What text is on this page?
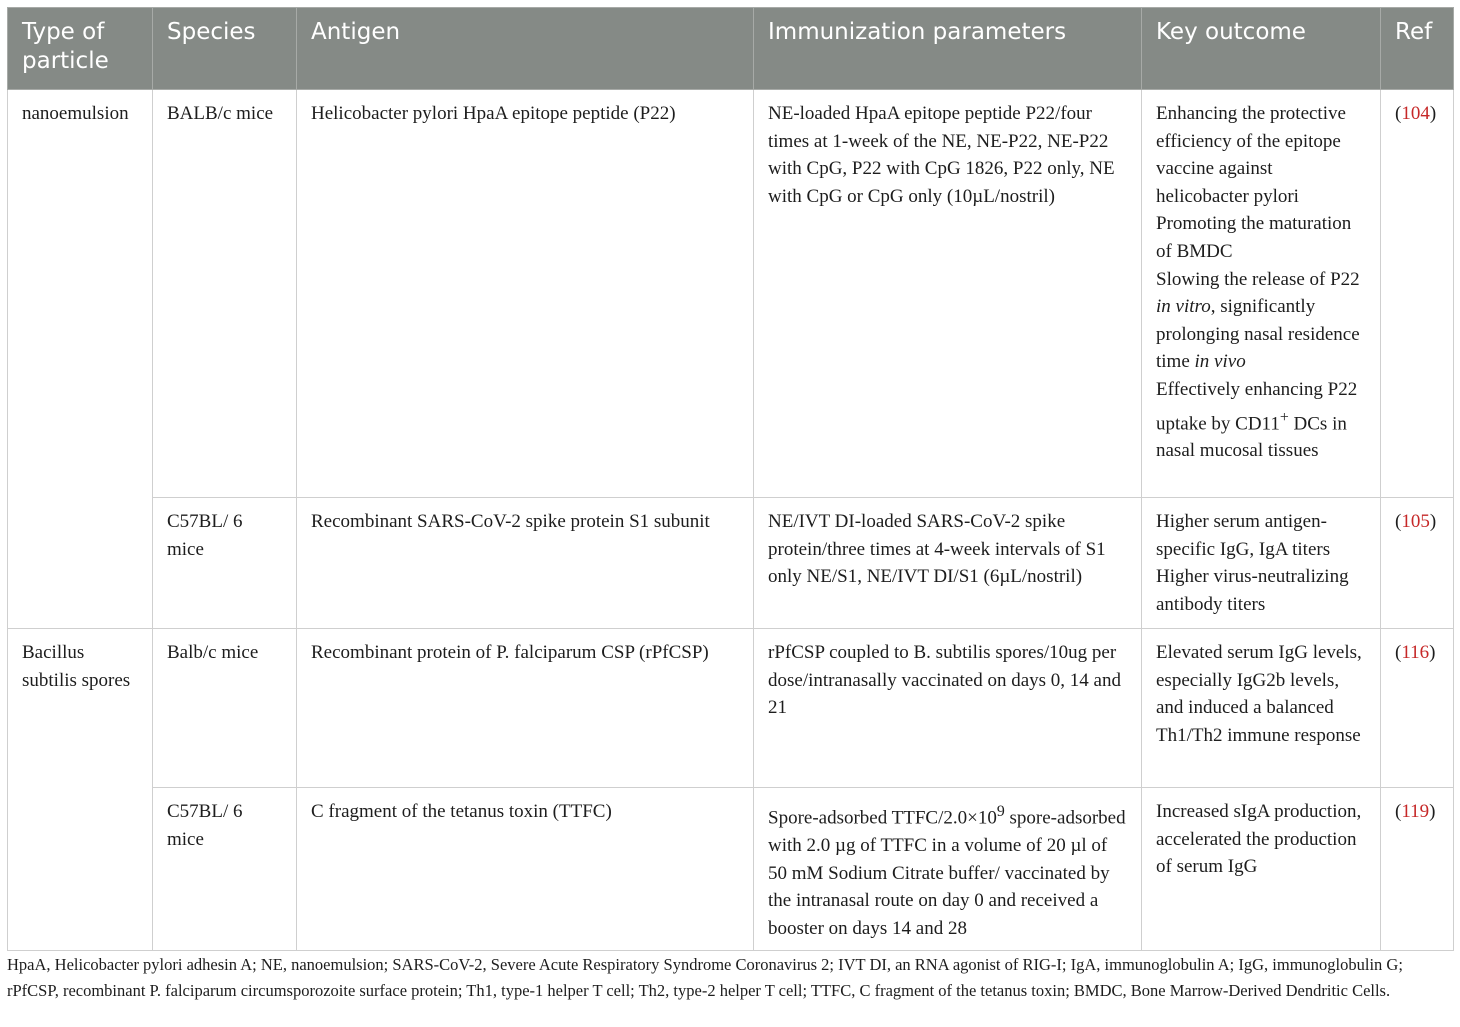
Type of particle	Species	Antigen	Immunization parameters	Key outcome	Ref
nanoemulsion	BALB/c mice	Helicobacter pylori HpaA epitope peptide (P22)	NE-loaded HpaA epitope peptide P22/four times at 1-week of the NE, NE-P22, NE-P22 with CpG, P22 with CpG 1826, P22 only, NE with CpG or CpG only (10µL/nostril)	Enhancing the protective efficiency of the epitope vaccine against helicobacter pylori
Promoting the maturation of BMDC
Slowing the release of P22 in vitro, significantly prolonging nasal residence time in vivo
Effectively enhancing P22 uptake by CD11+ DCs in nasal mucosal tissues	(104)
	C57BL/ 6 mice	Recombinant SARS-CoV-2 spike protein S1 subunit	NE/IVT DI-loaded SARS-CoV-2 spike protein/three times at 4-week intervals of S1 only NE/S1, NE/IVT DI/S1 (6µL/nostril)	Higher serum antigen-specific IgG, IgA titers
Higher virus-neutralizing antibody titers	(105)
Bacillus subtilis spores	Balb/c mice	Recombinant protein of P. falciparum CSP (rPfCSP)	rPfCSP coupled to B. subtilis spores/10ug per dose/intranasally vaccinated on days 0, 14 and 21	Elevated serum IgG levels, especially IgG2b levels, and induced a balanced Th1/Th2 immune response	(116)
	C57BL/ 6 mice	C fragment of the tetanus toxin (TTFC)	Spore-adsorbed TTFC/$2.0\times 10^9$ spore-adsorbed with 2.0 µg of TTFC in a volume of 20 µl of 50 mM Sodium Citrate buffer/ vaccinated by the intranasal route on day 0 and received a booster on days 14 and 28	Increased sIgA production, accelerated the production of serum IgG	(119)
HpaA, Helicobacter pylori adhesin A; NE, nanoemulsion; SARS-CoV-2, Severe Acute Respiratory Syndrome Coronavirus 2; IVT DI, an RNA agonist of RIG-I; IgA, immunoglobulin A; IgG, immunoglobulin G; rPfCSP, recombinant P. falciparum circumsporozoite surface protein; Th1, type-1 helper T cell; Th2, type-2 helper T cell; TTFC, C fragment of the tetanus toxin; BMDC, Bone Marrow-Derived Dendritic Cells.
